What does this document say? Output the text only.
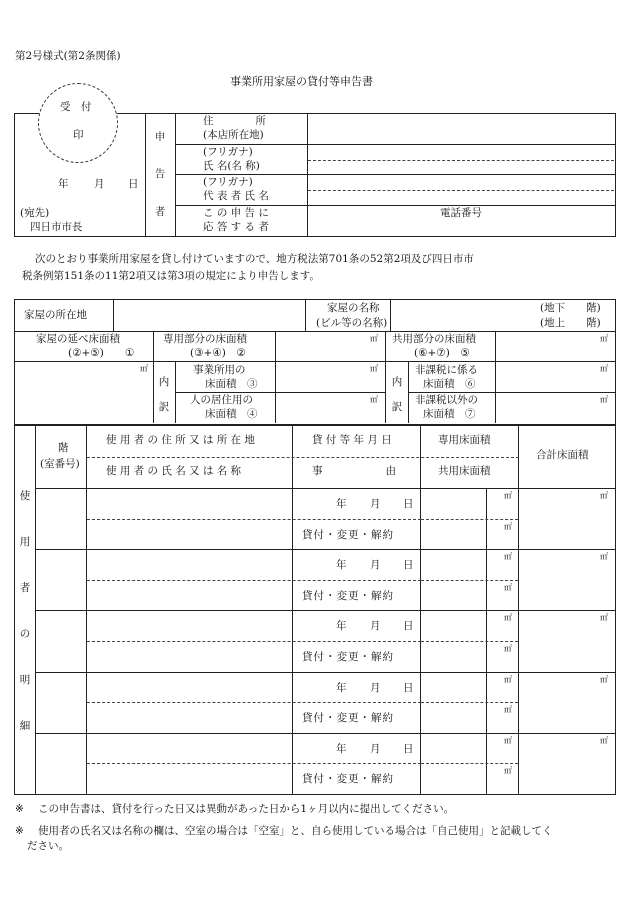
第2号様式(第2条関係)
事業所用家屋の貸付等申告書
受　付
印
年 月 日
(宛先)
四日市市長
申
告
者
住　　　　所
(本店所在地)
(フリガナ)
氏 名(名 称)
(フリガナ)
代 表 者 氏 名
こ の 申 告 に
応 答 す る 者
電話番号
次のとおり事業所用家屋を貸し付けていますので、地方税法第701条の52第2項及び四日市市
税条例第151条の11第2項又は第3項の規定により申告します。
家屋の所在地
家屋の名称
(ビル等の名称)
(地下　　階)
(地上　　階)
家屋の延べ床面積
(②+⑤)　　①
専用部分の床面積
(③+④)　②
共用部分の床面積
(⑥+⑦)　⑤
内
訳
内
訳
事業所用の
床面積　③
人の居住用の
床面積　④
非課税に係る
床面積　⑥
非課税以外の
床面積　⑦
㎡
㎡
㎡
㎡
㎡
㎡
㎡
階
(室番号)
使 用 者 の 住 所 又 は 所 在 地
使 用 者 の 氏 名 又 は 名 称
貸 付 等 年 月 日
事　　　　　　由
専用床面積
共用床面積
合計床面積
使
用
者
の
明
細
年 月 日
貸付・変更・解約
㎡
㎡
㎡
年 月 日
貸付・変更・解約
㎡
㎡
㎡
年 月 日
貸付・変更・解約
㎡
㎡
㎡
年 月 日
貸付・変更・解約
㎡
㎡
㎡
年 月 日
貸付・変更・解約
㎡
㎡
㎡
※ この申告書は、貸付を行った日又は異動があった日から1ヶ月以内に提出してください。
※ 使用者の氏名又は名称の欄は、空室の場合は「空室」と、自ら使用している場合は「自己使用」と記載してく
ださい。
